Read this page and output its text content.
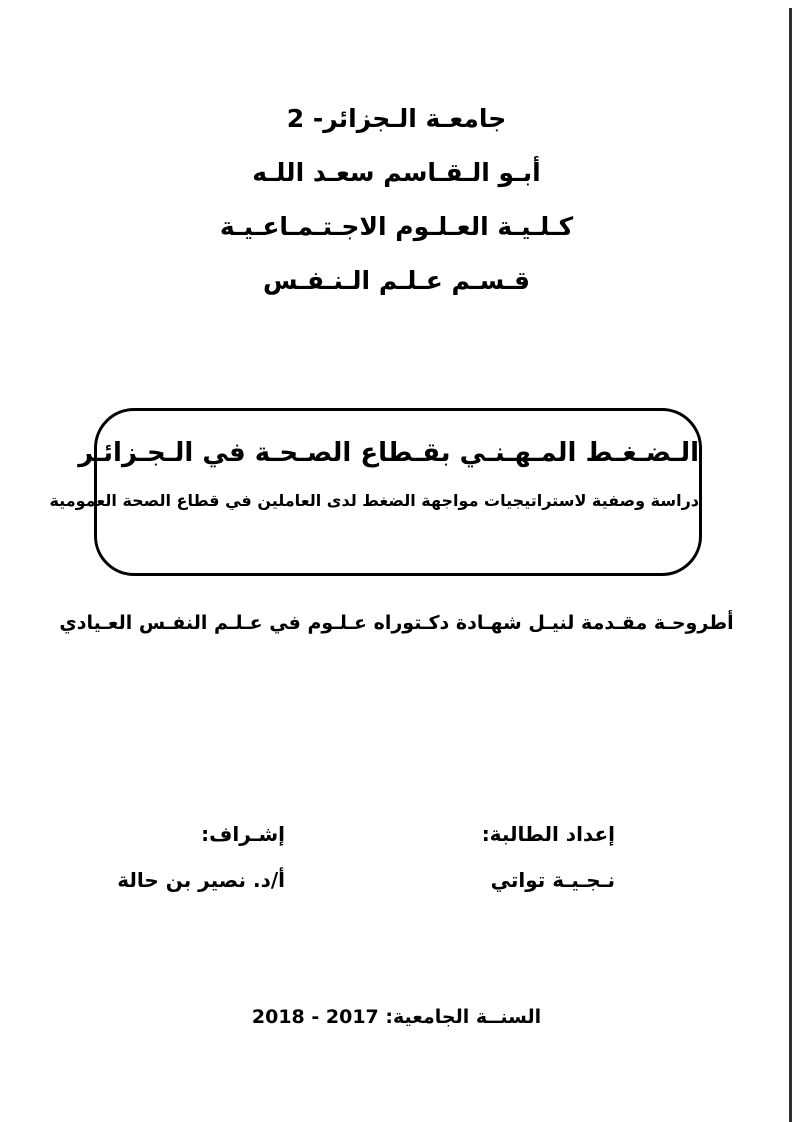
جامعـة الـجزائر- 2
أبـو الـقـاسم سعـد اللـه
كـلـيـة العـلـوم الاجـتـمـاعـيـة
قـسـم عـلـم الـنـفـس
الـضـغـط المـهـنـي بقـطاع الصـحـة في الـجـزائـر
دراسة وصفية لاستراتيجيات مواجهة الضغط لدى العاملين في قطاع الصحة العمومية
أطروحـة مقـدمة لنيـل شهـادة دكـتوراه عـلـوم في عـلـم النفـس العـيادي
إعداد الطالبة:
نـجـيـة تواتي
إشـراف:
أ/د. نصير بن حالة
السنــة الجامعية: 2017 - 2018
